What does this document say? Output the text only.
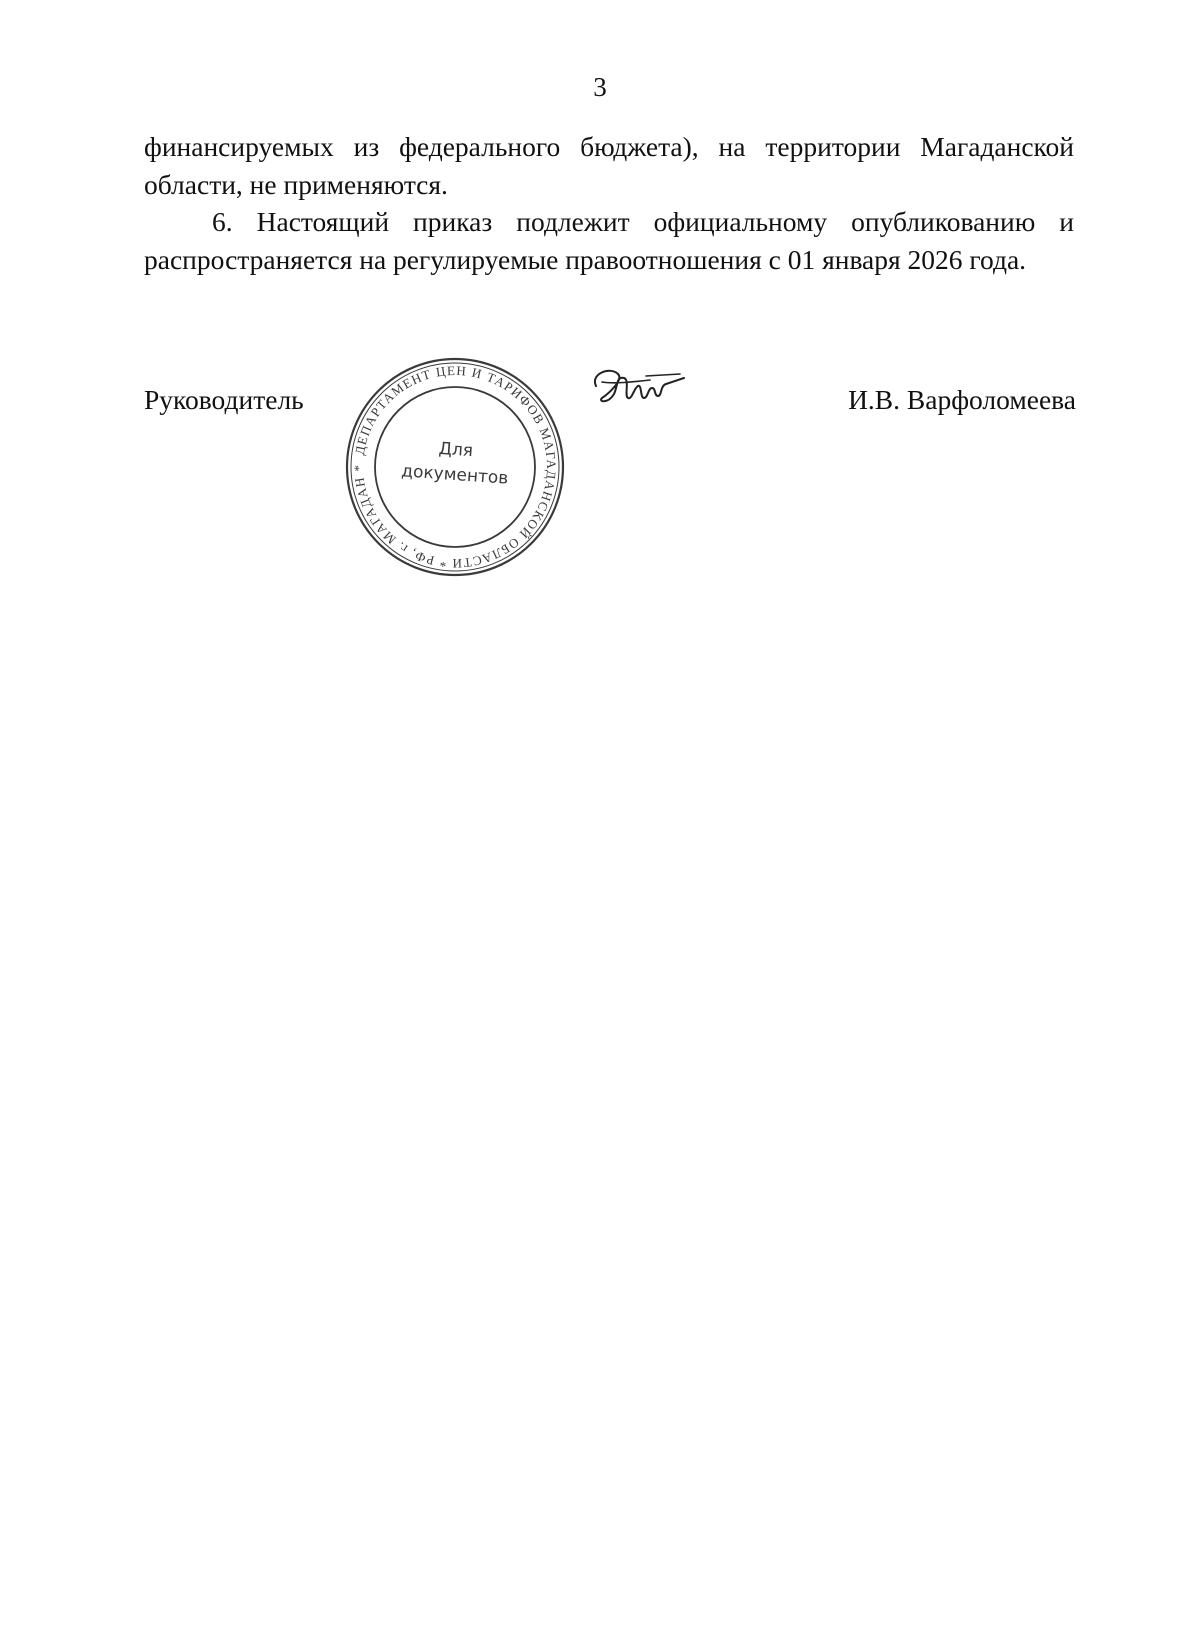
3

финансируемых из федерального бюджета), на территории Магаданской
области, не применяются.

6. Настоящий приказ подлежит официальному опубликованию и
распространяется на регулируемые правоотношения с 01 января 2026 года.

Руководитель
ДЕПАРТАМЕНТ ЦЕН И ТАРИФОВ МАГАДАНСКОЙ ОБЛАСТИ * РФ, г. МАГАДАН *
Для
документов
И.В. Варфоломеева
